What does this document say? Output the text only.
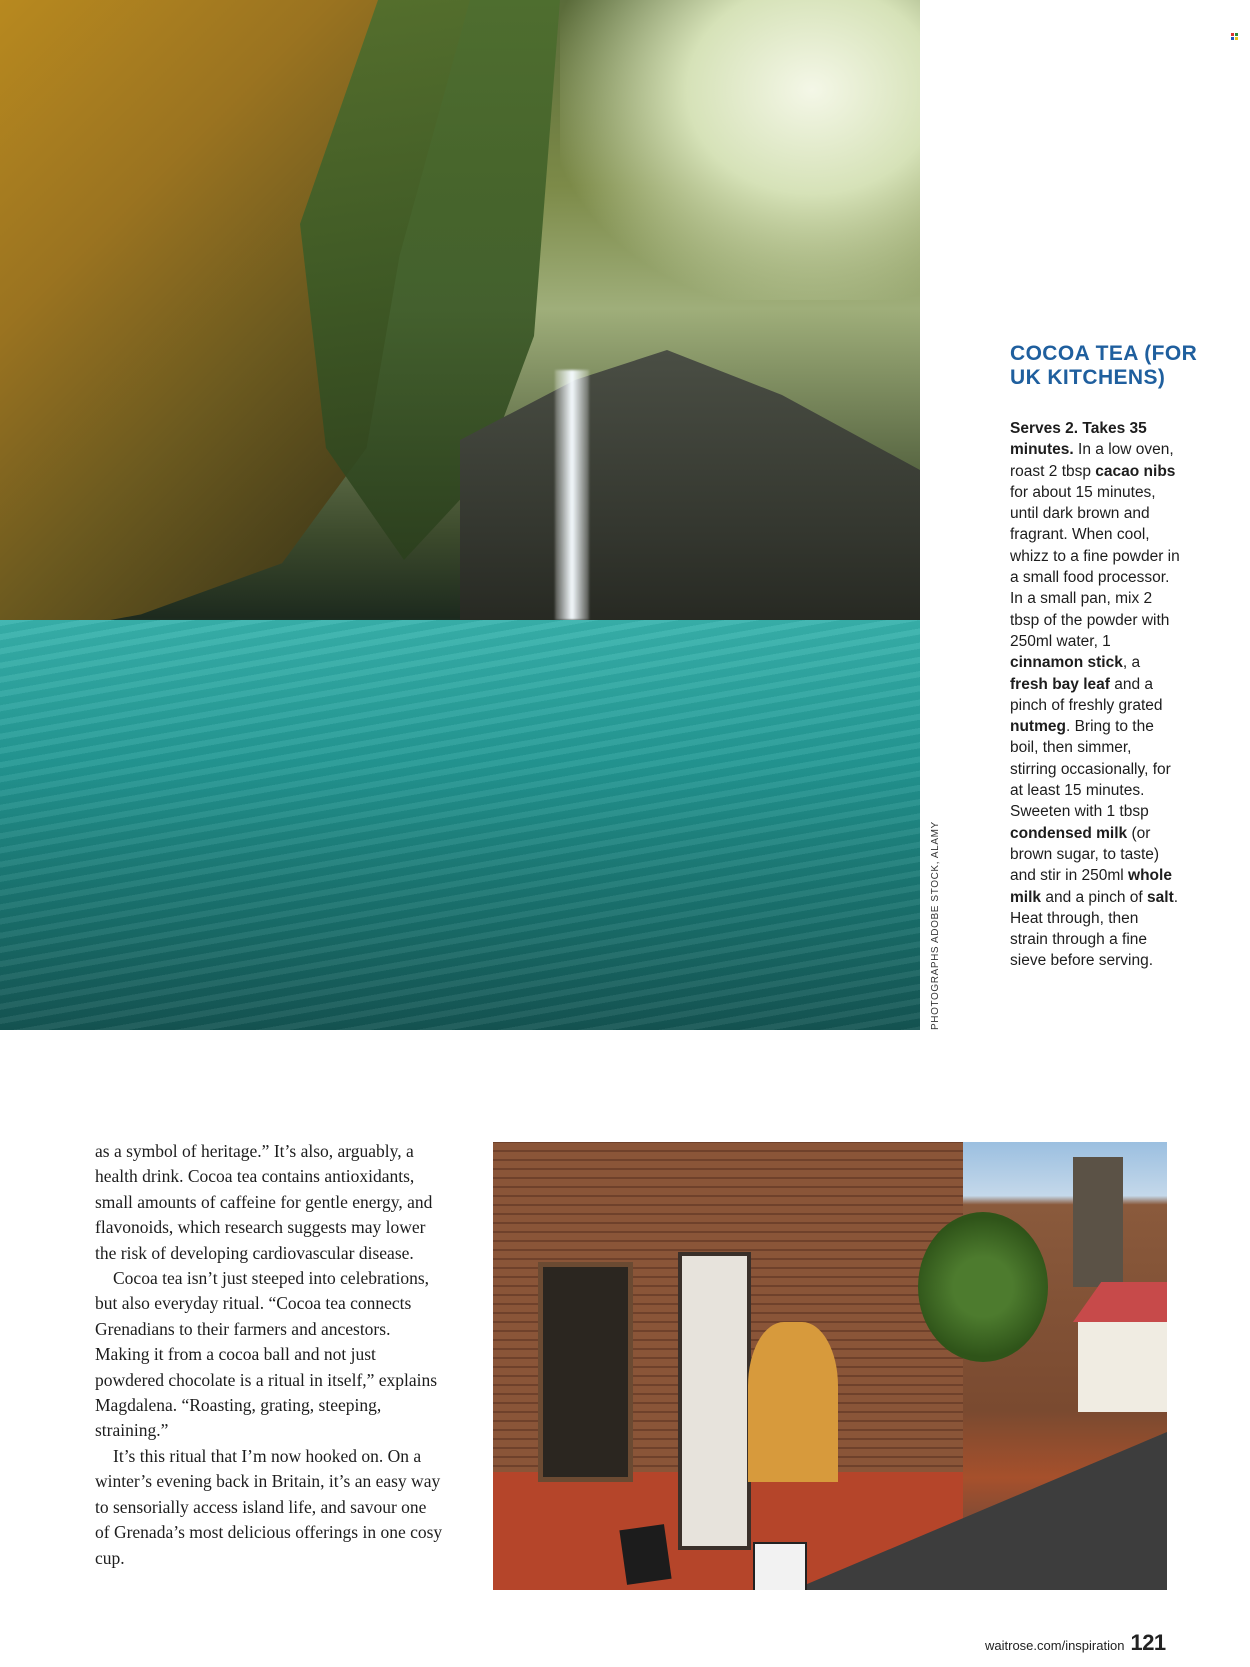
PHOTOGRAPHS ADOBE STOCK, ALAMY
COCOA TEA (FOR UK KITCHENS)

Serves 2. Takes 35 minutes. In a low oven, roast 2 tbsp cacao nibs for about 15 minutes, until dark brown and fragrant. When cool, whizz to a fine powder in a small food processor. In a small pan, mix 2 tbsp of the powder with 250ml water, 1 cinnamon stick, a fresh bay leaf and a pinch of freshly grated nutmeg. Bring to the boil, then simmer, stirring occasionally, for at least 15 minutes. Sweeten with 1 tbsp condensed milk (or brown sugar, to taste) and stir in 250ml whole milk and a pinch of salt. Heat through, then strain through a fine sieve before serving.

as a symbol of heritage.” It’s also, arguably, a health drink. Cocoa tea contains antioxidants, small amounts of caffeine for gentle energy, and flavonoids, which research suggests may lower the risk of developing cardiovascular disease.

Cocoa tea isn’t just steeped into celebrations, but also everyday ritual. “Cocoa tea connects Grenadians to their farmers and ancestors. Making it from a cocoa ball and not just powdered chocolate is a ritual in itself,” explains Magdalena. “Roasting, grating, steeping, straining.”

It’s this ritual that I’m now hooked on. On a winter’s evening back in Britain, it’s an easy way to sensorially access island life, and savour one of Grenada’s most delicious offerings in one cosy cup.

waitrose.com/inspiration 121
